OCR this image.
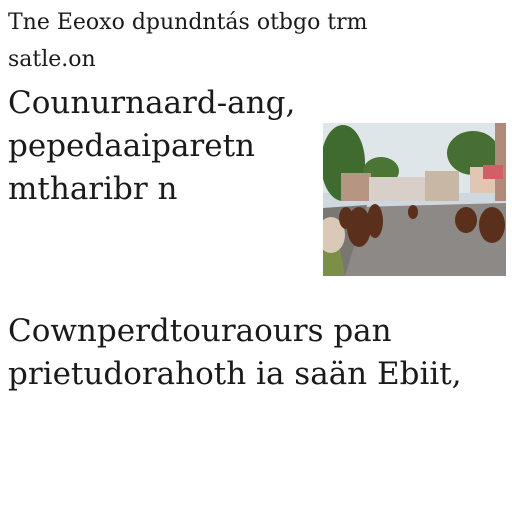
Tne Eeoxo dpundntás otbgo trm
satle.on
Counurnaard-ang,
pepedaaiparetn
mtharibr n
Cownperdtouraours pan
prietudorahoth ia saän Ebiit,
